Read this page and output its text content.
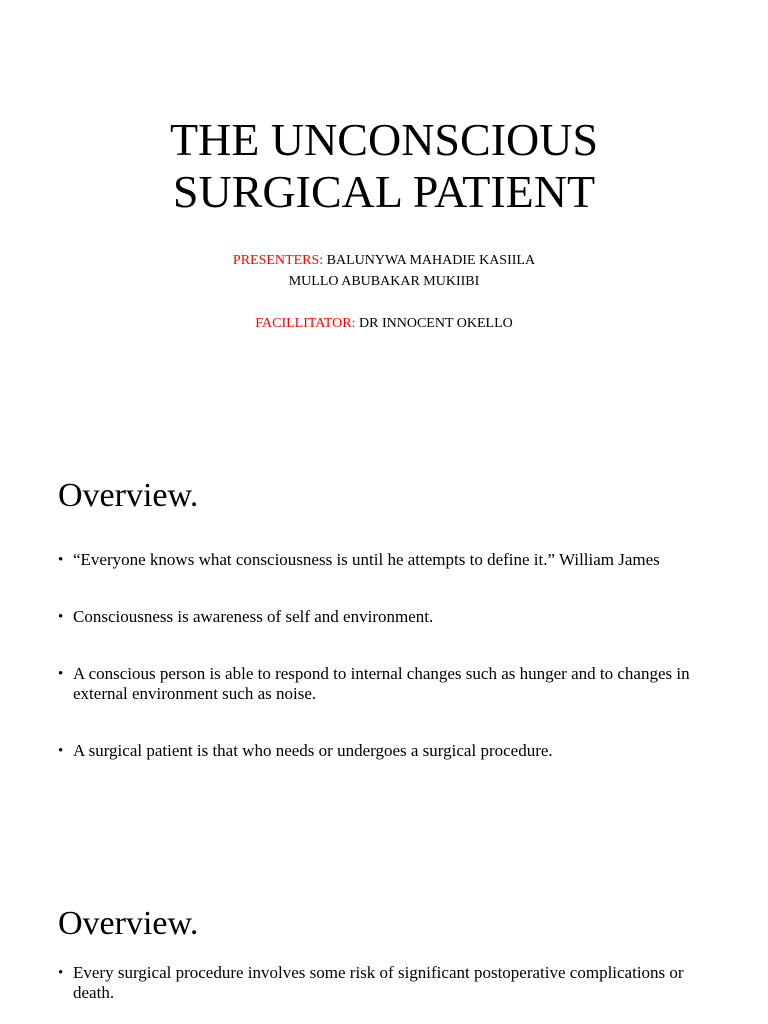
THE UNCONSCIOUS
SURGICAL PATIENT
PRESENTERS: BALUNYWA MAHADIE KASIILA
MULLO ABUBAKAR MUKIIBI
FACILLITATOR: DR INNOCENT OKELLO
Overview.
• “Everyone knows what consciousness is until he attempts to define it.” William James
• Consciousness is awareness of self and environment.
• A conscious person is able to respond to internal changes such as hunger and to changes in external environment such as noise.
• A surgical patient is that who needs or undergoes a surgical procedure.
Overview.
• Every surgical procedure involves some risk of significant postoperative complications or death.
